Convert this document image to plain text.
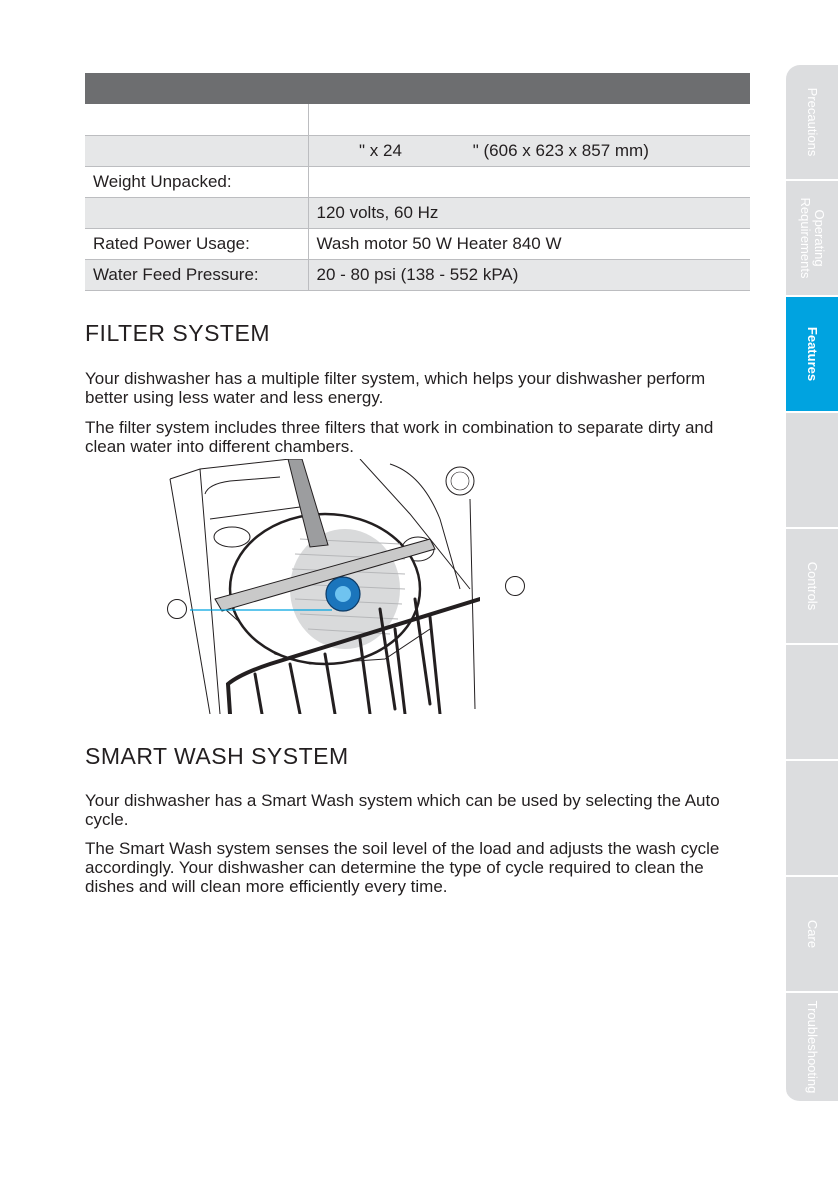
	" x 24               " (606 x 623 x 857 mm)
Weight Unpacked:	
	120 volts, 60 Hz
Rated Power Usage:	Wash motor 50 W Heater 840 W
Water Feed Pressure:	20 - 80 psi (138 - 552 kPA)
FILTER SYSTEM

Your dishwasher has a multiple filter system, which helps your dishwasher perform better using less water and less energy.

The filter system includes three filters that work in combination to separate dirty and clean water into different chambers.

SMART WASH SYSTEM

Your dishwasher has a Smart Wash system which can be used by selecting the Auto cycle.

The Smart Wash system senses the soil level of the load and adjusts the wash cycle accordingly. Your dishwasher can determine the type of cycle required to clean the dishes and will clean more efficiently every time.

Precautions
Operating
Requirements
Features
Controls
Care
Troubleshooting
